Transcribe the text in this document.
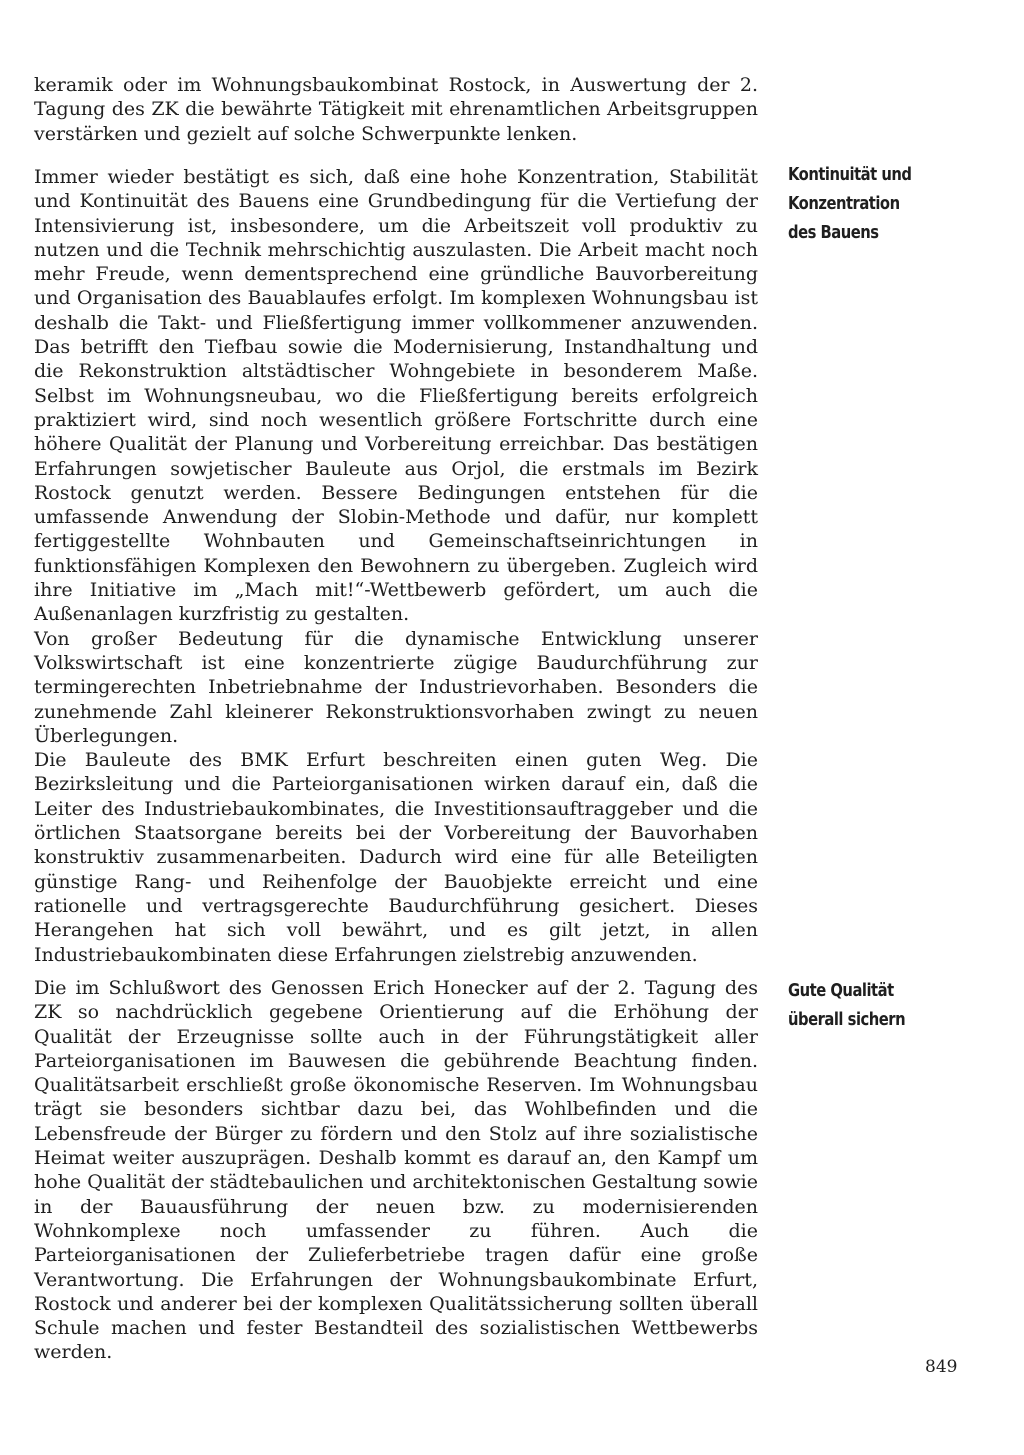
keramik oder im Wohnungsbaukombinat Rostock, in Auswertung der 2. Tagung des ZK die bewährte Tätigkeit mit ehrenamtlichen Arbeitsgruppen verstärken und gezielt auf solche Schwerpunkte lenken.

Immer wieder bestätigt es sich, daß eine hohe Konzentration, Stabilität und Kontinuität des Bauens eine Grundbedingung für die Vertiefung der Intensivierung ist, insbesondere, um die Arbeitszeit voll produktiv zu nutzen und die Technik mehrschichtig auszulasten. Die Arbeit macht noch mehr Freude, wenn dementsprechend eine gründliche Bauvorbereitung und Organisation des Bauablaufes erfolgt. Im komplexen Wohnungsbau ist deshalb die Takt- und Fließfertigung immer vollkommener anzuwenden. Das betrifft den Tiefbau sowie die Modernisierung, Instandhaltung und die Rekonstruktion altstädtischer Wohngebiete in besonderem Maße. Selbst im Wohnungsneubau, wo die Fließfertigung bereits erfolgreich praktiziert wird, sind noch wesentlich größere Fortschritte durch eine höhere Qualität der Planung und Vorbereitung erreichbar. Das bestätigen Erfahrungen sowjetischer Bauleute aus Orjol, die erstmals im Bezirk Rostock genutzt werden. Bessere Bedingungen entstehen für die umfassende Anwendung der Slobin-Methode und dafür, nur komplett fertiggestellte Wohnbauten und Gemeinschaftseinrichtungen in funktionsfähigen Komplexen den Bewohnern zu übergeben. Zugleich wird ihre Initiative im „Mach mit!“-Wettbewerb gefördert, um auch die Außenanlagen kurzfristig zu gestalten.

Von großer Bedeutung für die dynamische Entwicklung unserer Volkswirtschaft ist eine konzentrierte zügige Baudurchführung zur termingerechten Inbetriebnahme der Industrievorhaben. Besonders die zunehmende Zahl kleinerer Rekonstruktionsvorhaben zwingt zu neuen Überlegungen.

Die Bauleute des BMK Erfurt beschreiten einen guten Weg. Die Bezirksleitung und die Parteiorganisationen wirken darauf ein, daß die Leiter des Industriebaukombinates, die Investitionsauftraggeber und die örtlichen Staatsorgane bereits bei der Vorbereitung der Bauvorhaben konstruktiv zusammenarbeiten. Dadurch wird eine für alle Beteiligten günstige Rang- und Reihenfolge der Bauobjekte erreicht und eine rationelle und vertragsgerechte Baudurchführung gesichert. Dieses Herangehen hat sich voll bewährt, und es gilt jetzt, in allen Industriebaukombinaten diese Erfahrungen zielstrebig anzuwenden.

Die im Schlußwort des Genossen Erich Honecker auf der 2. Tagung des ZK so nachdrücklich gegebene Orientierung auf die Erhöhung der Qualität der Erzeugnisse sollte auch in der Führungstätigkeit aller Parteiorganisationen im Bauwesen die gebührende Beachtung finden. Qualitätsarbeit erschließt große ökonomische Reserven. Im Wohnungsbau trägt sie besonders sichtbar dazu bei, das Wohlbefinden und die Lebensfreude der Bürger zu fördern und den Stolz auf ihre sozialistische Heimat weiter auszuprägen. Deshalb kommt es darauf an, den Kampf um hohe Qualität der städtebaulichen und architektonischen Gestaltung sowie in der Bauausführung der neuen bzw. zu modernisierenden Wohnkomplexe noch umfassender zu führen. Auch die Parteiorganisationen der Zulieferbetriebe tragen dafür eine große Verantwortung. Die Erfahrungen der Wohnungsbaukombinate Erfurt, Rostock und anderer bei der komplexen Qualitätssicherung sollten überall Schule machen und fester Bestandteil des sozialistischen Wettbewerbs werden.

Kontinuität und
Konzentration
des Bauens
Gute Qualität
überall sichern
849
